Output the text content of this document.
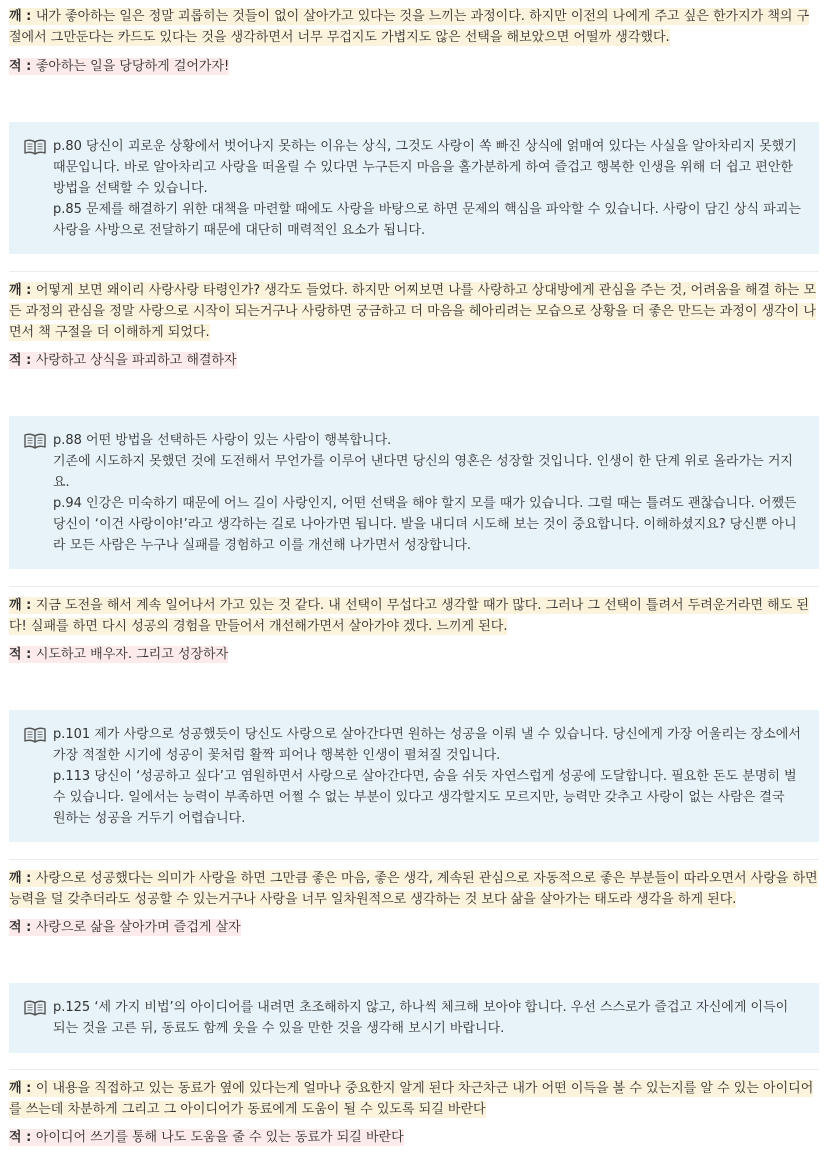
깨 : 내가 좋아하는 일은 정말 괴롭히는 것들이 없이 살아가고 있다는 것을 느끼는 과정이다. 하지만 이전의 나에게 주고 싶은 한가지가 책의 구절에서 그만둔다는 카드도 있다는 것을 생각하면서 너무 무겁지도 가볍지도 않은 선택을 해보았으면 어떨까 생각했다.

적 : 좋아하는 일을 당당하게 걸어가자!

p.80 당신이 괴로운 상황에서 벗어나지 못하는 이유는 상식, 그것도 사랑이 쏙 빠진 상식에 얽매여 있다는 사실을 알아차리지 못했기 때문입니다. 바로 알아차리고 사랑을 떠올릴 수 있다면 누구든지 마음을 홀가분하게 하여 즐겁고 행복한 인생을 위해 더 쉽고 편안한 방법을 선택할 수 있습니다.

p.85 문제를 해결하기 위한 대책을 마련할 때에도 사랑을 바탕으로 하면 문제의 핵심을 파악할 수 있습니다. 사랑이 담긴 상식 파괴는 사랑을 사방으로 전달하기 때문에 대단히 매력적인 요소가 됩니다.

깨 : 어떻게 보면 왜이리 사랑사랑 타령인가? 생각도 들었다. 하지만 어찌보면 나를 사랑하고 상대방에게 관심을 주는 것, 어려움을 해결 하는 모든 과정의 관심을 정말 사랑으로 시작이 되는거구나 사랑하면 궁금하고 더 마음을 헤아리려는 모습으로 상황을 더 좋은 만드는 과정이 생각이 나면서 책 구절을 더 이해하게 되었다.

적 : 사랑하고 상식을 파괴하고 해결하자

p.88 어떤 방법을 선택하든 사랑이 있는 사람이 행복합니다.

기존에 시도하지 못했던 것에 도전해서 무언가를 이루어 낸다면 당신의 영혼은 성장할 것입니다. 인생이 한 단계 위로 올라가는 거지요.

p.94 인강은 미숙하기 때문에 어느 길이 사랑인지, 어떤 선택을 해야 할지 모를 때가 있습니다. 그럴 때는 틀려도 괜찮습니다. 어쨌든 당신이 ‘이건 사랑이야!’라고 생각하는 길로 나아가면 됩니다. 발을 내디뎌 시도해 보는 것이 중요합니다. 이해하셨지요? 당신뿐 아니라 모든 사람은 누구나 실패를 경험하고 이를 개선해 나가면서 성장합니다.

깨 : 지금 도전을 해서 계속 일어나서 가고 있는 것 같다. 내 선택이 무섭다고 생각할 때가 많다. 그러나 그 선택이 틀려서 두려운거라면 해도 된다! 실패를 하면 다시 성공의 경험을 만들어서 개선해가면서 살아가야 겠다. 느끼게 된다.

적 : 시도하고 배우자. 그리고 성장하자

p.101 제가 사랑으로 성공했듯이 당신도 사랑으로 살아간다면 원하는 성공을 이뤄 낼 수 있습니다. 당신에게 가장 어울리는 장소에서 가장 적절한 시기에 성공이 꽃처럼 활짝 피어나 행복한 인생이 펼쳐질 것입니다.

p.113 당신이 ‘성공하고 싶다’고 염원하면서 사랑으로 살아간다면, 숨을 쉬듯 자연스럽게 성공에 도달합니다. 필요한 돈도 분명히 벌 수 있습니다. 일에서는 능력이 부족하면 어쩔 수 없는 부분이 있다고 생각할지도 모르지만, 능력만 갖추고 사랑이 없는 사람은 결국 원하는 성공을 거두기 어렵습니다.

깨 : 사랑으로 성공했다는 의미가 사랑을 하면 그만큼 좋은 마음, 좋은 생각, 계속된 관심으로 자동적으로 좋은 부분들이 따라오면서 사랑을 하면 능력을 덜 갖추더라도 성공할 수 있는거구나 사랑을 너무 일차원적으로 생각하는 것 보다 삶을 살아가는 태도라 생각을 하게 된다.

적 : 사랑으로 삶을 살아가며 즐겁게 살자

p.125 ‘세 가지 비법’의 아이디어를 내려면 초조해하지 않고, 하나씩 체크해 보아야 합니다. 우선 스스로가 즐겁고 자신에게 이득이 되는 것을 고른 뒤, 동료도 함께 웃을 수 있을 만한 것을 생각해 보시기 바랍니다.

깨 : 이 내용을 직접하고 있는 동료가 옆에 있다는게 얼마나 중요한지 알게 된다 차근차근 내가 어떤 이득을 볼 수 있는지를 알 수 있는 아이디어를 쓰는데 차분하게 그리고 그 아이디어가 동료에게 도움이 될 수 있도록 되길 바란다

적 : 아이디어 쓰기를 통해 나도 도움을 줄 수 있는 동료가 되길 바란다
